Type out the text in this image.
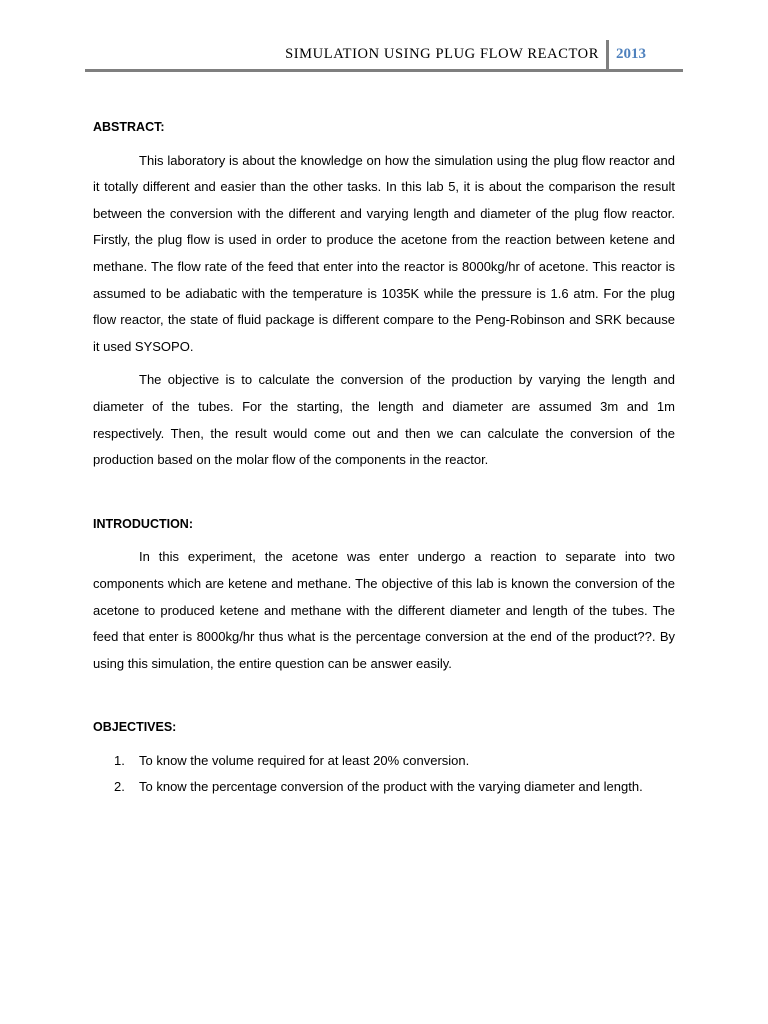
SIMULATION USING PLUG FLOW REACTOR 2013

ABSTRACT:

This laboratory is about the knowledge on how the simulation using the plug flow reactor and it totally different and easier than the other tasks. In this lab 5, it is about the comparison the result between the conversion with the different and varying length and diameter of the plug flow reactor. Firstly, the plug flow is used in order to produce the acetone from the reaction between ketene and methane. The flow rate of the feed that enter into the reactor is 8000kg/hr of acetone. This reactor is assumed to be adiabatic with the temperature is 1035K while the pressure is 1.6 atm. For the plug flow reactor, the state of fluid package is different compare to the Peng-Robinson and SRK because it used SYSOPO.

The objective is to calculate the conversion of the production by varying the length and diameter of the tubes. For the starting, the length and diameter are assumed 3m and 1m respectively. Then, the result would come out and then we can calculate the conversion of the production based on the molar flow of the components in the reactor.

INTRODUCTION:

In this experiment, the acetone was enter undergo a reaction to separate into two components which are ketene and methane. The objective of this lab is known the conversion of the acetone to produced ketene and methane with the different diameter and length of the tubes. The feed that enter is 8000kg/hr thus what is the percentage conversion at the end of the product??. By using this simulation, the entire question can be answer easily.

OBJECTIVES:

1. To know the volume required for at least 20% conversion.
2. To know the percentage conversion of the product with the varying diameter and length.
